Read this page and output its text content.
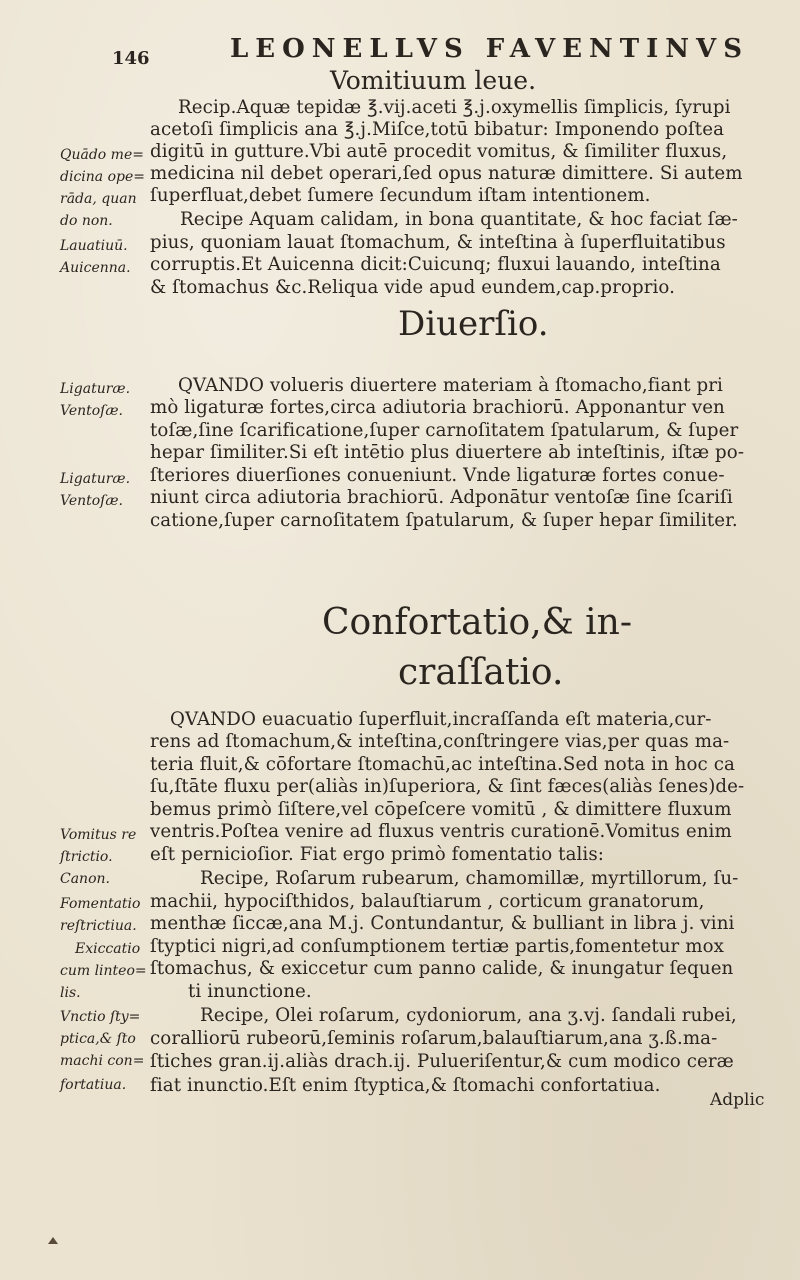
146	LEONELLVS FAVENTINVS
Vomitiuum leue.
Recip.Aquæ tepidæ ℥.vij.aceti ℥.j.oxymellis ſimplicis, ſyrupi
acetoſi ſimplicis ana ℥.j.Miſce,totū bibatur: Imponendo poſtea
digitū in gutture.Vbi autē procedit vomitus, & ſimiliter fluxus,
medicina nil debet operari,ſed opus naturæ dimittere. Si autem
ſuperfluat,debet ſumere ſecundum iſtam intentionem.
Recipe Aquam calidam, in bona quantitate, & hoc faciat ſæ-
pius, quoniam lauat ſtomachum, & inteſtina à ſuperfluitatibus
corruptis.Et Auicenna dicit:Cuicunq; fluxui lauando, inteſtina
& ſtomachus &c.Reliqua vide apud eundem,cap.proprio.
Quādo me=
dicina ope=
rāda, quan
do non.
Lauatiuū.
Auicenna.
Diuerſio.
QVANDO volueris diuertere materiam à ſtomacho,fiant pri
mò ligaturæ fortes,circa adiutoria brachiorū. Apponantur ven
toſæ,ſine ſcarificatione,ſuper carnoſitatem ſpatularum, & ſuper
hepar ſimiliter.Si eſt intētio plus diuertere ab inteſtinis, iſtæ po-
ſteriores diuerſiones conueniunt. Vnde ligaturæ fortes conue-
niunt circa adiutoria brachiorū. Adponātur ventoſæ ſine ſcariſi
catione,ſuper carnoſitatem ſpatularum, & ſuper hepar ſimiliter.
Ligaturæ.
Ventoſæ.
Ligaturæ.
Ventoſæ.
Confortatio,& in-
craſſatio.
QVANDO euacuatio ſuperfluit,incraſſanda eſt materia,cur-
rens ad ſtomachum,& inteſtina,conſtringere vias,per quas ma-
teria fluit,& cōfortare ſtomachū,ac inteſtina.Sed nota in hoc ca
ſu,ſtāte fluxu per(aliàs in)ſuperiora, & ſint fæces(aliàs ſenes)de-
bemus primò ſiſtere,vel cōpeſcere vomitū , & dimittere fluxum
ventris.Poſtea venire ad fluxus ventris curationē.Vomitus enim
eſt pernicioſior. Fiat ergo primò fomentatio talis:
Recipe, Roſarum rubearum, chamomillæ, myrtillorum, ſu-
machii, hypociſthidos, balauſtiarum , corticum granatorum,
menthæ ſiccæ,ana M.j. Contundantur, & bulliant in libra j. vini
ſtyptici nigri,ad conſumptionem tertiæ partis,fomentetur mox
ſtomachus, & exiccetur cum panno calide, & inungatur ſequen
ti inunctione.
Recipe, Olei roſarum, cydoniorum, ana ʒ.vj. ſandali rubei,
coralliorū rubeorū,ſeminis roſarum,balauſtiarum,ana ʒ.ß.ma-
ſtiches gran.ij.aliàs drach.ij. Pulueriſentur,& cum modico ceræ
fiat inunctio.Eſt enim ſtyptica,& ſtomachi confortatiua.
Vomitus re
ſtrictio.
Canon.
Fomentatio
reſtrictiua.
Exiccatio
cum linteo=
lis.
Vnctio ſty=
ptica,& ſto
machi con=
fortatiua.
Adplic
